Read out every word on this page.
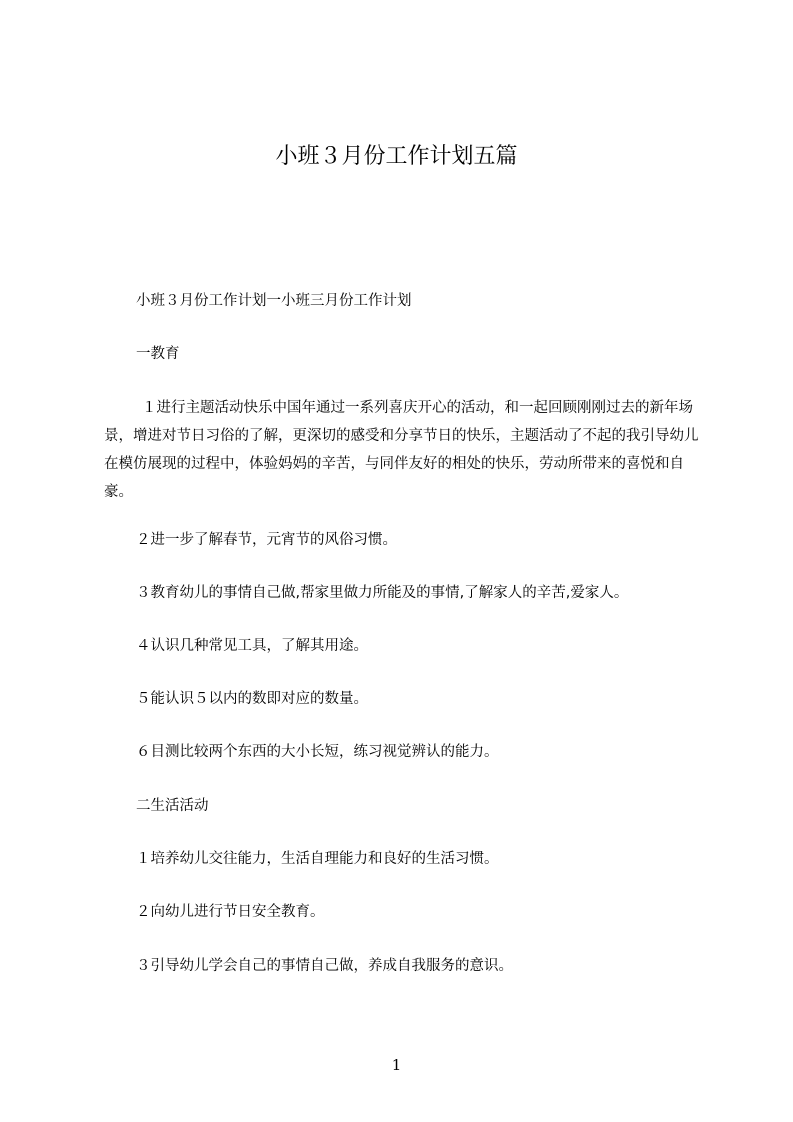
小班３月份工作计划五篇
小班３月份工作计划一小班三月份工作计划
一教育
１进行主题活动快乐中国年通过一系列喜庆开心的活动，和一起回顾刚刚过去的新年场景，增进对节日习俗的了解，更深切的感受和分享节日的快乐，主题活动了不起的我引导幼儿在模仿展现的过程中，体验妈妈的辛苦，与同伴友好的相处的快乐，劳动所带来的喜悦和自豪。
２进一步了解春节，元宵节的风俗习惯。
３教育幼儿的事情自己做,帮家里做力所能及的事情,了解家人的辛苦,爱家人。
４认识几种常见工具，了解其用途。
５能认识５以内的数即对应的数量。
６目测比较两个东西的大小长短，练习视觉辨认的能力。
二生活活动
１培养幼儿交往能力，生活自理能力和良好的生活习惯。
２向幼儿进行节日安全教育。
３引导幼儿学会自己的事情自己做，养成自我服务的意识。
1
